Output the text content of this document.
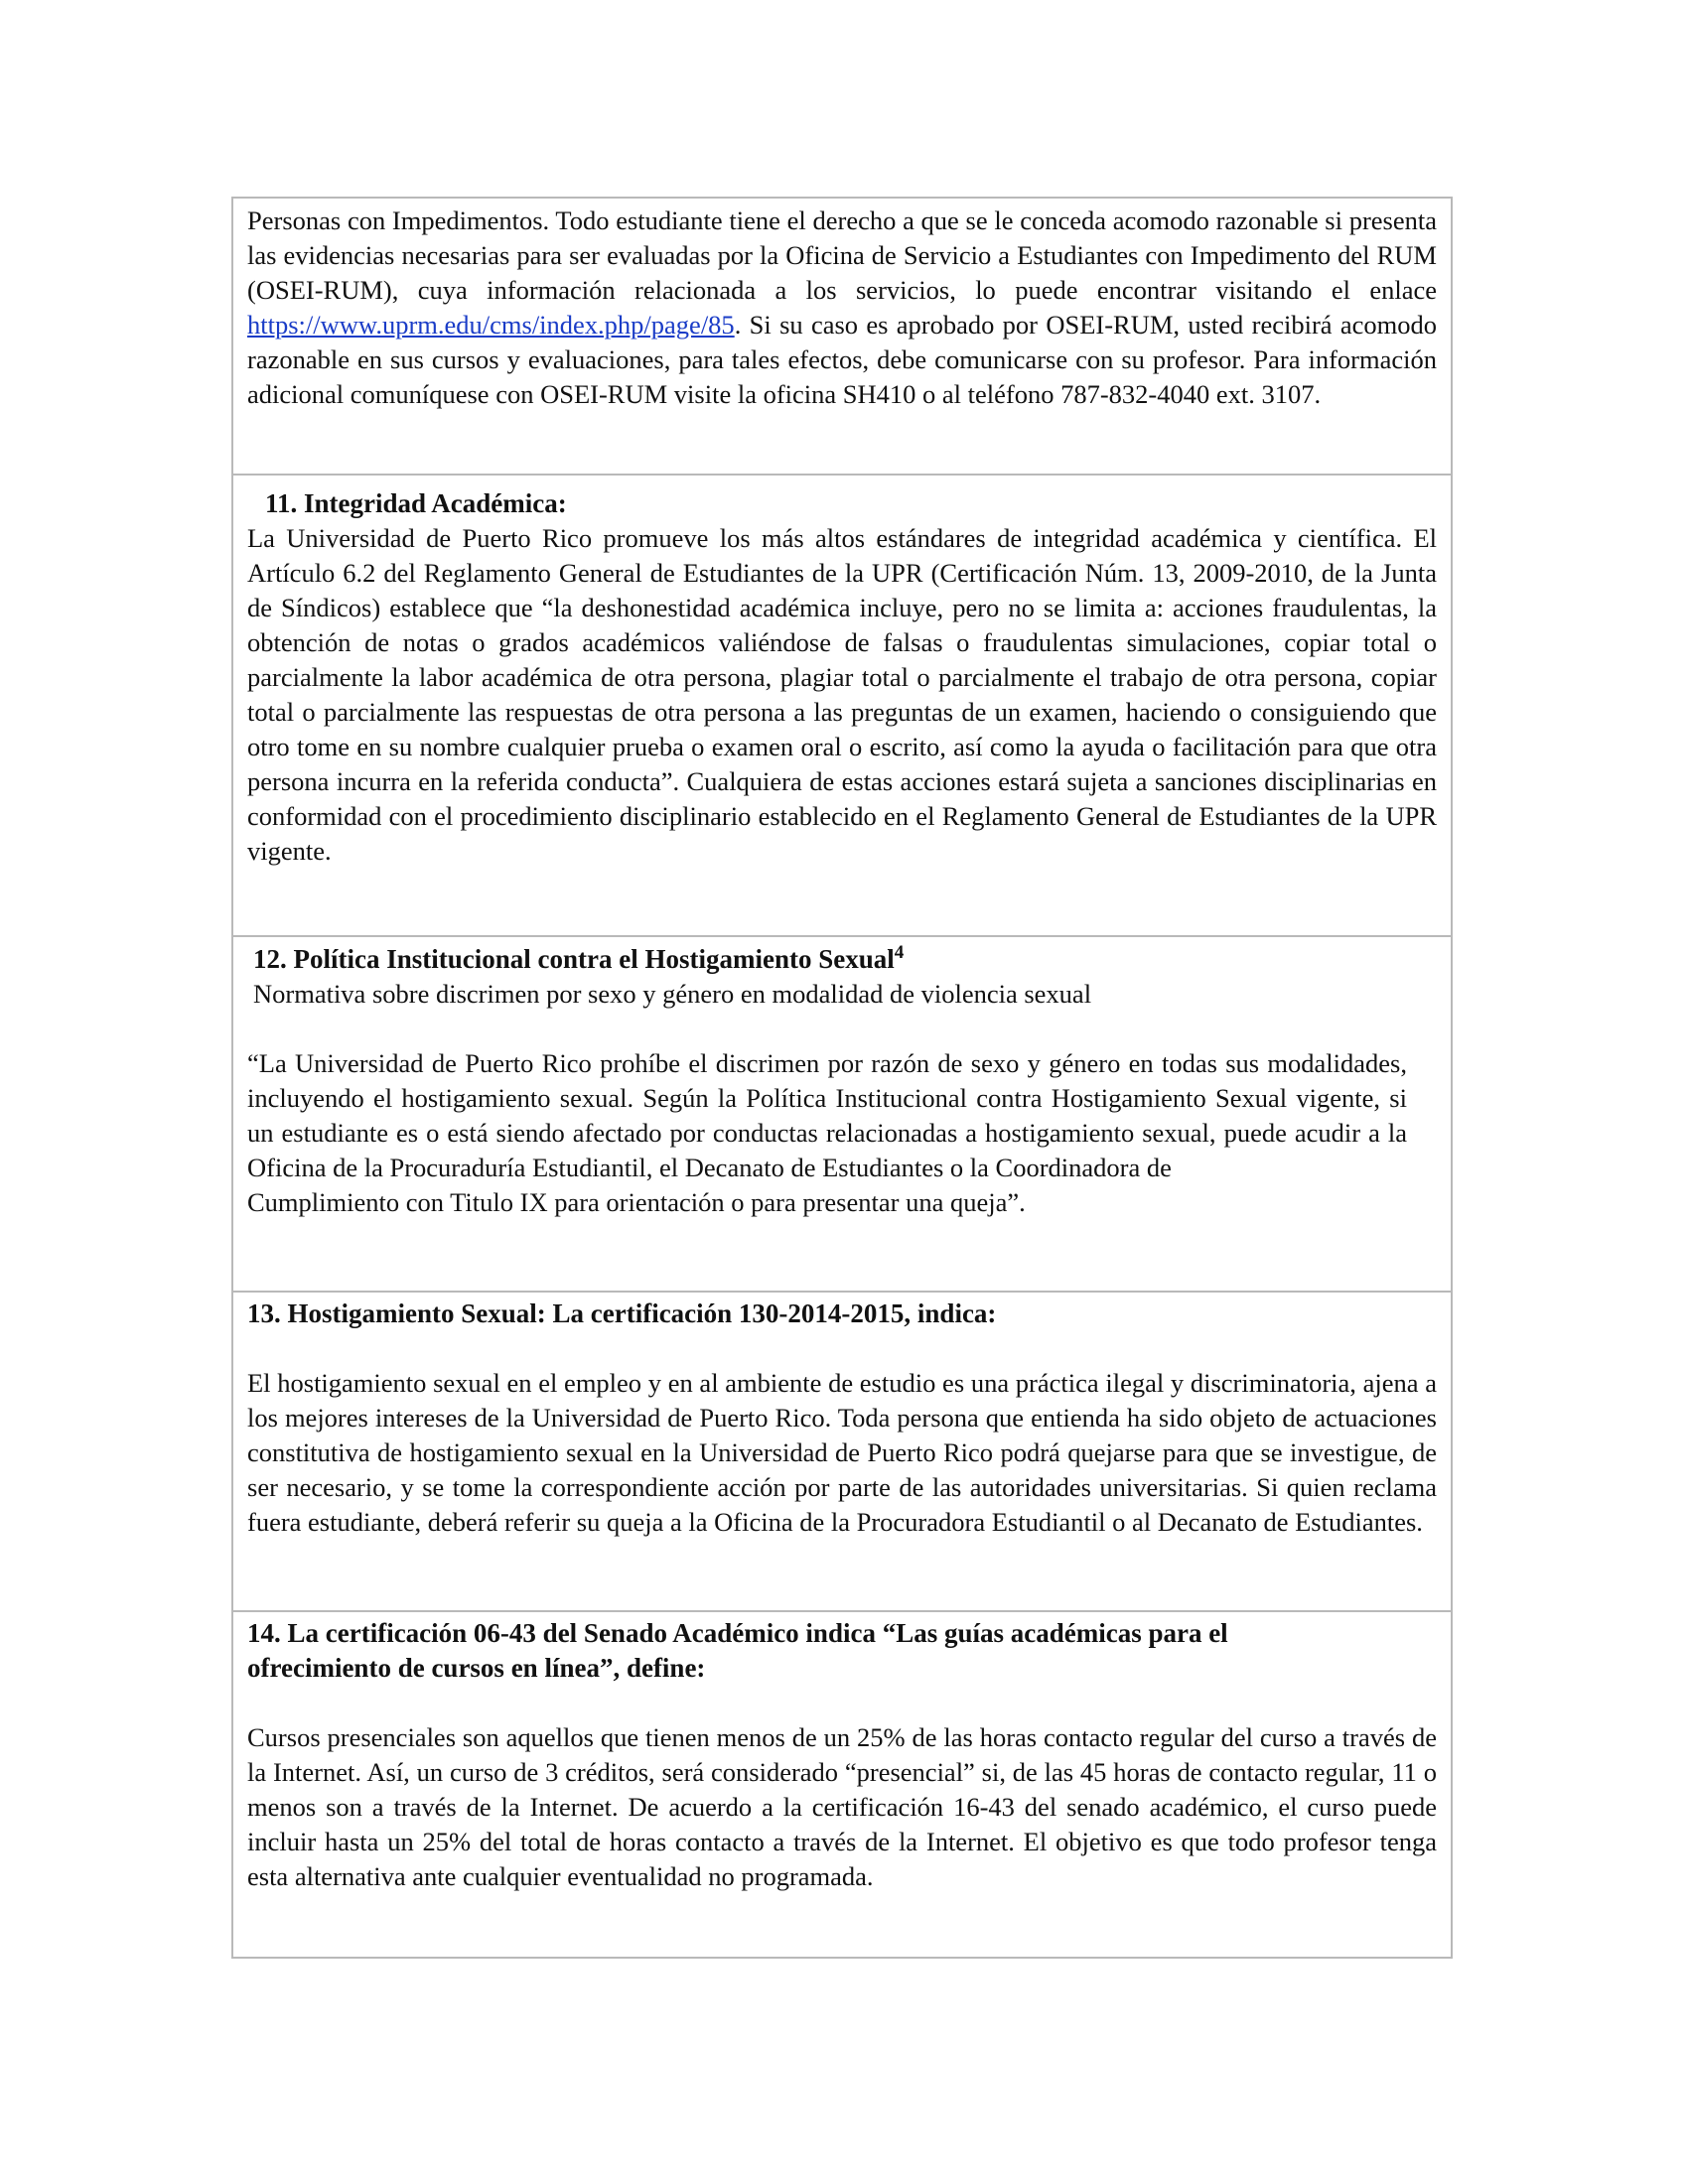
Personas con Impedimentos. Todo estudiante tiene el derecho a que se le conceda acomodo razonable si presenta las evidencias necesarias para ser evaluadas por la Oficina de Servicio a Estudiantes con Impedimento del RUM (OSEI-RUM), cuya información relacionada a los servicios, lo puede encontrar visitando el enlace https://www.uprm.edu/cms/index.php/page/85. Si su caso es aprobado por OSEI-RUM, usted recibirá acomodo razonable en sus cursos y evaluaciones, para tales efectos, debe comunicarse con su profesor. Para información adicional comuníquese con OSEI-RUM visite la oficina SH410 o al teléfono 787-832-4040 ext. 3107.

11. Integridad Académica:

La Universidad de Puerto Rico promueve los más altos estándares de integridad académica y científica. El Artículo 6.2 del Reglamento General de Estudiantes de la UPR (Certificación Núm. 13, 2009-2010, de la Junta de Síndicos) establece que “la deshonestidad académica incluye, pero no se limita a: acciones fraudulentas, la obtención de notas o grados académicos valiéndose de falsas o fraudulentas simulaciones, copiar total o parcialmente la labor académica de otra persona, plagiar total o parcialmente el trabajo de otra persona, copiar total o parcialmente las respuestas de otra persona a las preguntas de un examen, haciendo o consiguiendo que otro tome en su nombre cualquier prueba o examen oral o escrito, así como la ayuda o facilitación para que otra persona incurra en la referida conducta”. Cualquiera de estas acciones estará sujeta a sanciones disciplinarias en conformidad con el procedimiento disciplinario establecido en el Reglamento General de Estudiantes de la UPR vigente.

12. Política Institucional contra el Hostigamiento Sexual$^4$

Normativa sobre discrimen por sexo y género en modalidad de violencia sexual

“La Universidad de Puerto Rico prohíbe el discrimen por razón de sexo y género en todas sus modalidades, incluyendo el hostigamiento sexual. Según la Política Institucional contra Hostigamiento Sexual vigente, si un estudiante es o está siendo afectado por conductas relacionadas a hostigamiento sexual, puede acudir a la Oficina de la Procuraduría Estudiantil, el Decanato de Estudiantes o la Coordinadora de

Cumplimiento con Titulo IX para orientación o para presentar una queja”.

13. Hostigamiento Sexual: La certificación 130-2014-2015, indica:

El hostigamiento sexual en el empleo y en al ambiente de estudio es una práctica ilegal y discriminatoria, ajena a los mejores intereses de la Universidad de Puerto Rico. Toda persona que entienda ha sido objeto de actuaciones constitutiva de hostigamiento sexual en la Universidad de Puerto Rico podrá quejarse para que se investigue, de ser necesario, y se tome la correspondiente acción por parte de las autoridades universitarias. Si quien reclama fuera estudiante, deberá referir su queja a la Oficina de la Procuradora Estudiantil o al Decanato de Estudiantes.

14. La certificación 06-43 del Senado Académico indica “Las guías académicas para el ofrecimiento de cursos en línea”, define:

Cursos presenciales son aquellos que tienen menos de un 25% de las horas contacto regular del curso a través de la Internet. Así, un curso de 3 créditos, será considerado “presencial” si, de las 45 horas de contacto regular, 11 o menos son a través de la Internet. De acuerdo a la certificación 16-43 del senado académico, el curso puede incluir hasta un 25% del total de horas contacto a través de la Internet. El objetivo es que todo profesor tenga esta alternativa ante cualquier eventualidad no programada.
